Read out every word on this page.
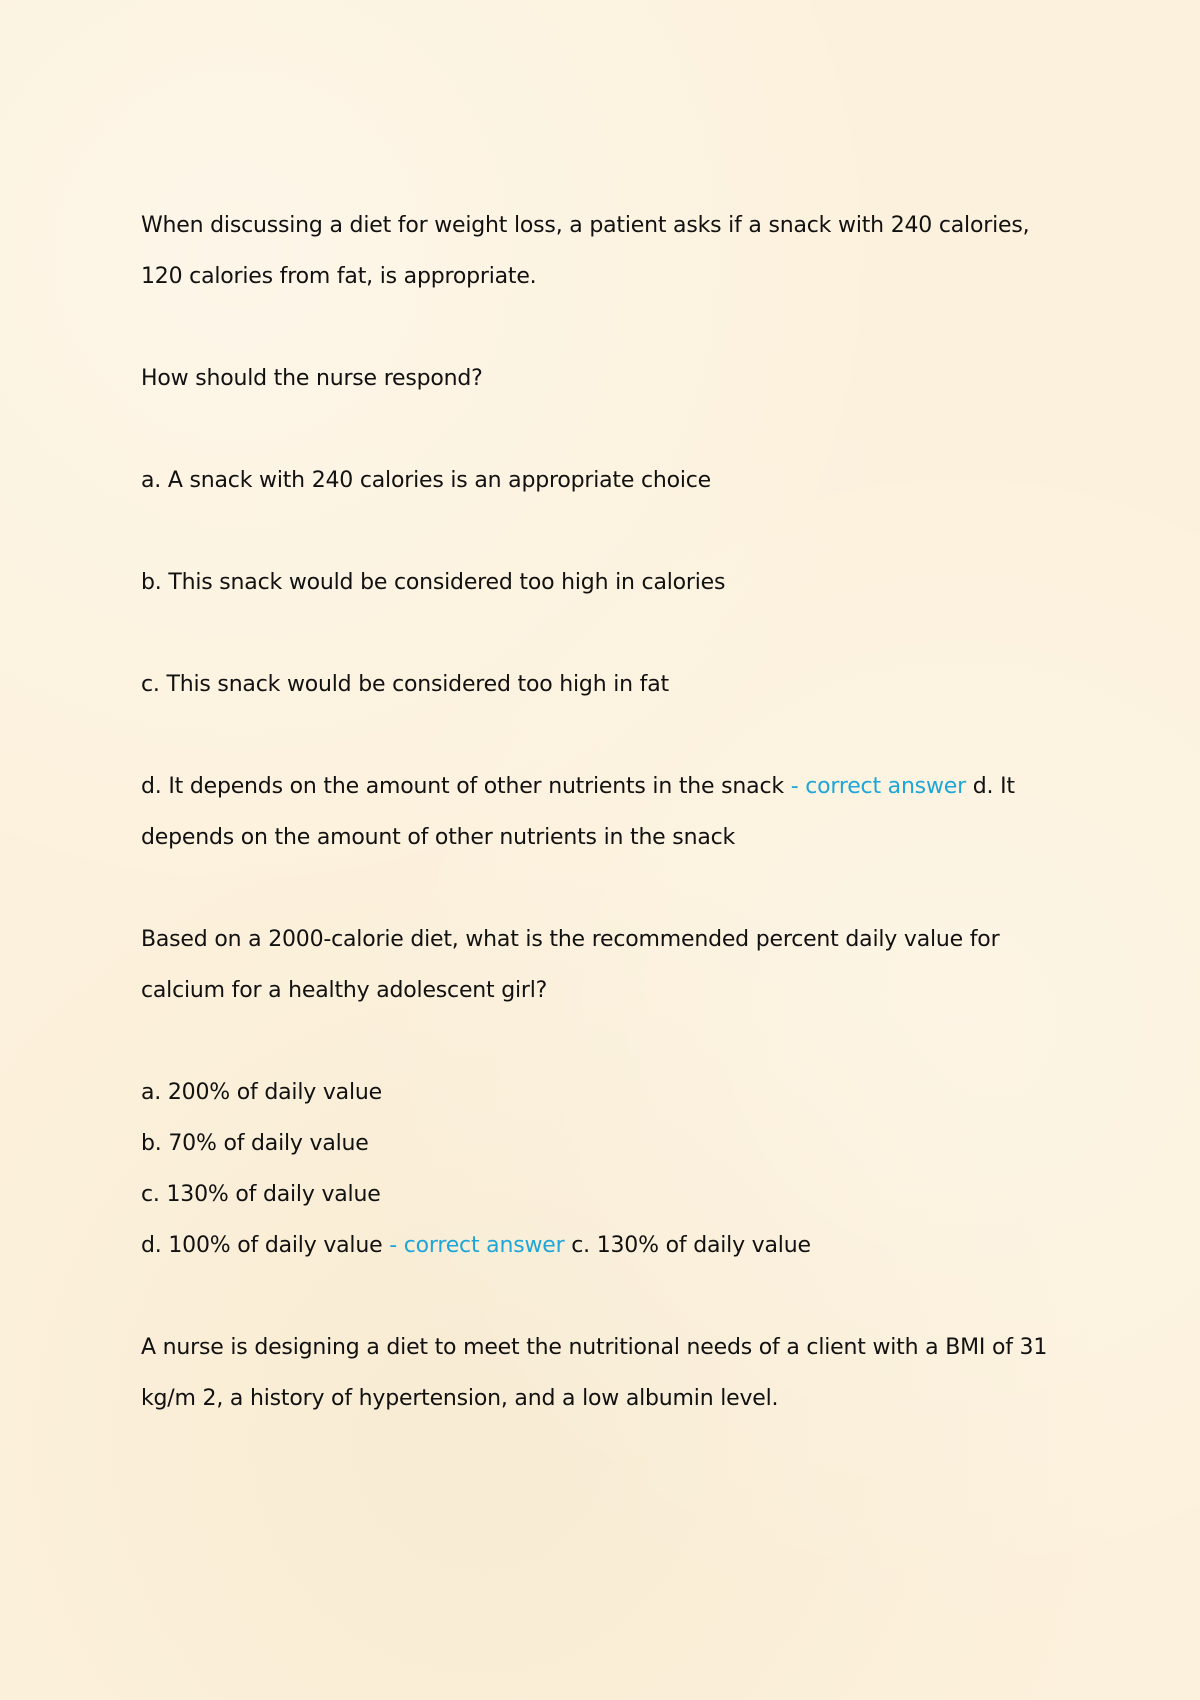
When discussing a diet for weight loss, a patient asks if a snack with 240 calories, 120 calories from fat, is appropriate.

How should the nurse respond?

a. A snack with 240 calories is an appropriate choice

b. This snack would be considered too high in calories

c. This snack would be considered too high in fat

d. It depends on the amount of other nutrients in the snack - correct answer d. It depends on the amount of other nutrients in the snack

Based on a 2000-calorie diet, what is the recommended percent daily value for calcium for a healthy adolescent girl?

a. 200% of daily value

b. 70% of daily value

c. 130% of daily value

d. 100% of daily value - correct answer c. 130% of daily value

A nurse is designing a diet to meet the nutritional needs of a client with a BMI of 31 kg/m 2, a history of hypertension, and a low albumin level.
